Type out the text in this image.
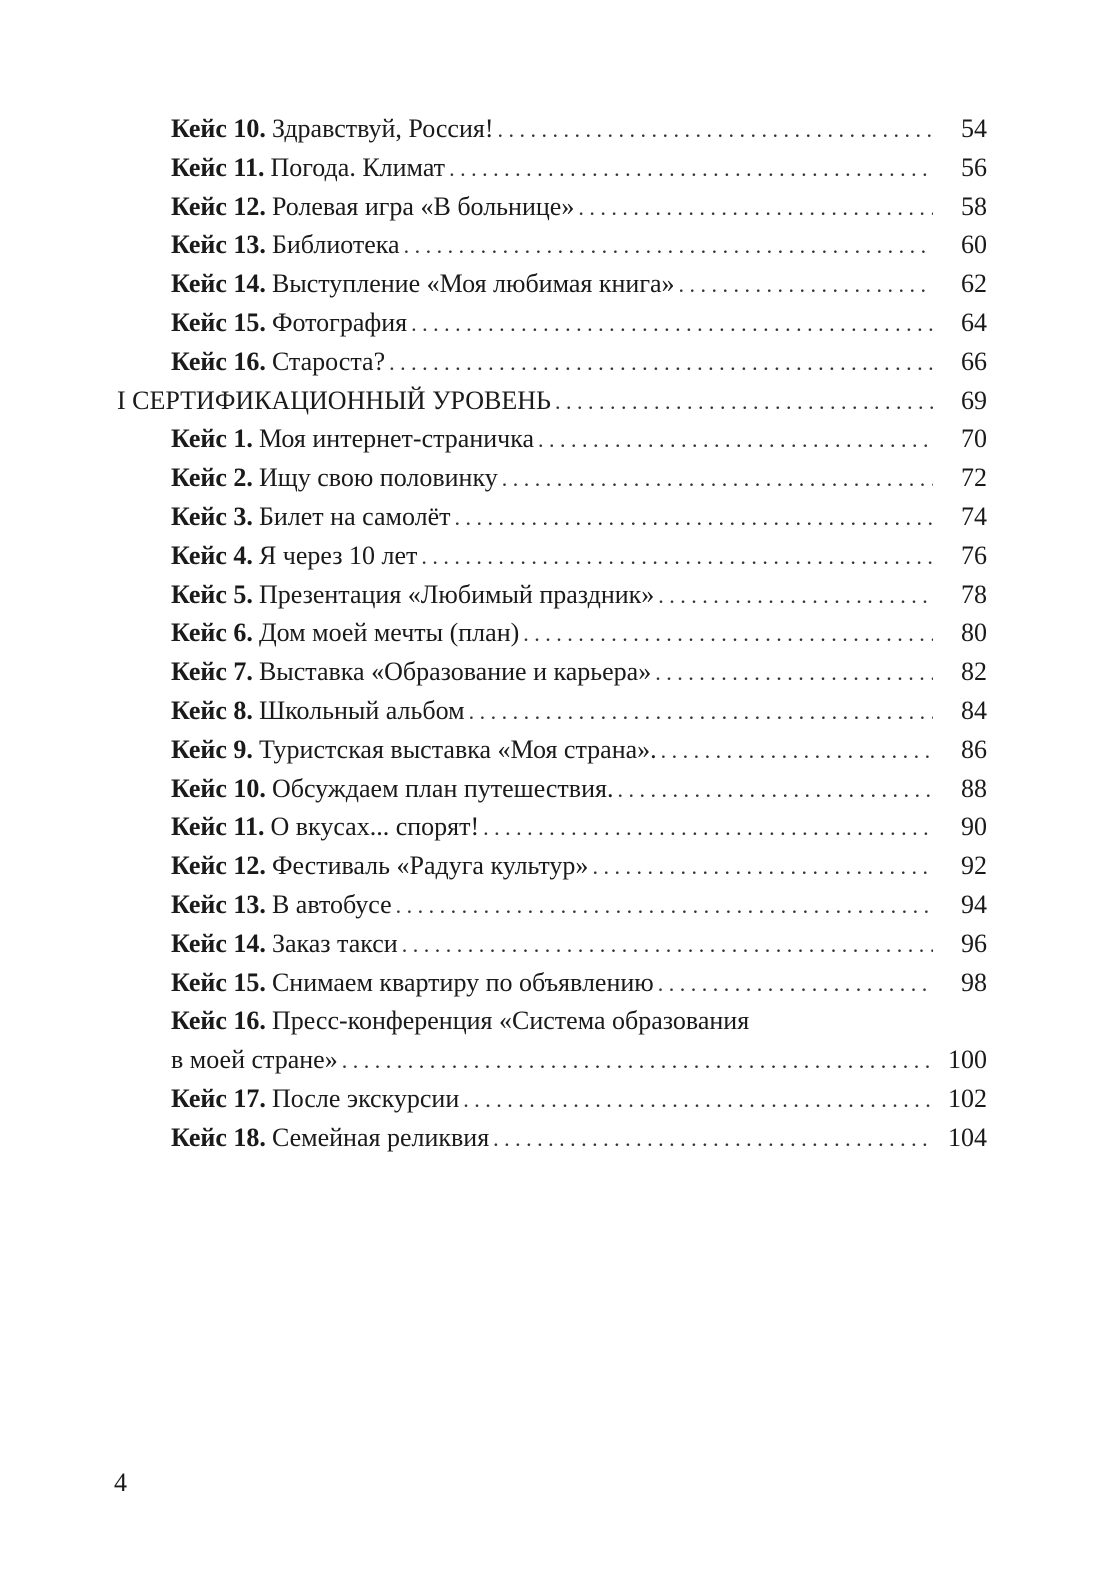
Кейс 10. Здравствуй, Россия! . . .	54
Кейс 11. Погода. Климат . . .	56
Кейс 12. Ролевая игра «В больнице» . . .	58
Кейс 13. Библиотека . . .	60
Кейс 14. Выступление «Моя любимая книга» . . .	62
Кейс 15. Фотография . . .	64
Кейс 16. Староста? . . .	66
I СЕРТИФИКАЦИОННЫЙ УРОВЕНЬ . . .	69
Кейс 1. Моя интернет-страничка . . .	70
Кейс 2. Ищу свою половинку . . .	72
Кейс 3. Билет на самолёт . . .	74
Кейс 4. Я через 10 лет . . .	76
Кейс 5. Презентация «Любимый праздник» . . .	78
Кейс 6. Дом моей мечты (план) . . .	80
Кейс 7. Выставка «Образование и карьера» . . .	82
Кейс 8. Школьный альбом . . .	84
Кейс 9. Туристская выставка «Моя страна». . . .	86
Кейс 10. Обсуждаем план путешествия. . . .	88
Кейс 11. О вкусах... спорят! . . .	90
Кейс 12. Фестиваль «Радуга культур» . . .	92
Кейс 13. В автобусе . . .	94
Кейс 14. Заказ такси . . .	96
Кейс 15. Снимаем квартиру по объявлению . . .	98
Кейс 16. Пресс-конференция «Система образования
в моей стране» . . .	100
Кейс 17. После экскурсии . . .	102
Кейс 18. Семейная реликвия . . .	104
4
